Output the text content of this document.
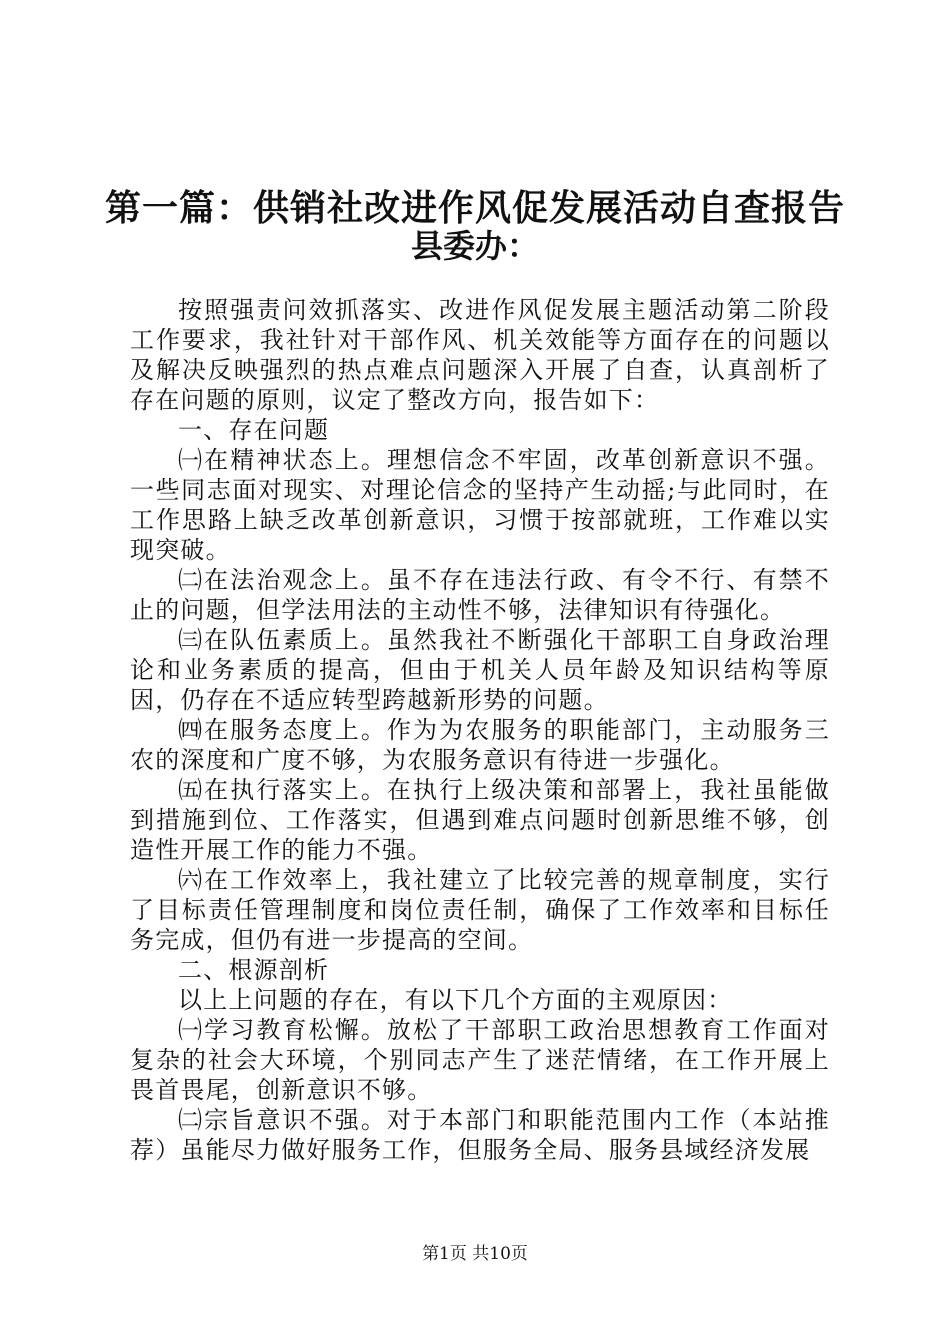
第一篇：供销社改进作风促发展活动自查报告
县委办：

按照强责问效抓落实、改进作风促发展主题活动第二阶段工作要求，我社针对干部作风、机关效能等方面存在的问题以及解决反映强烈的热点难点问题深入开展了自查，认真剖析了存在问题的原则，议定了整改方向，报告如下：

一、存在问题

㈠在精神状态上。理想信念不牢固，改革创新意识不强。一些同志面对现实、对理论信念的坚持产生动摇;与此同时，在工作思路上缺乏改革创新意识，习惯于按部就班，工作难以实现突破。

㈡在法治观念上。虽不存在违法行政、有令不行、有禁不止的问题，但学法用法的主动性不够，法律知识有待强化。

㈢在队伍素质上。虽然我社不断强化干部职工自身政治理论和业务素质的提高，但由于机关人员年龄及知识结构等原因，仍存在不适应转型跨越新形势的问题。

㈣在服务态度上。作为为农服务的职能部门，主动服务三农的深度和广度不够，为农服务意识有待进一步强化。

㈤在执行落实上。在执行上级决策和部署上，我社虽能做到措施到位、工作落实，但遇到难点问题时创新思维不够，创造性开展工作的能力不强。

㈥在工作效率上，我社建立了比较完善的规章制度，实行了目标责任管理制度和岗位责任制，确保了工作效率和目标任务完成，但仍有进一步提高的空间。

二、根源剖析

以上上问题的存在，有以下几个方面的主观原因：

㈠学习教育松懈。放松了干部职工政治思想教育工作面对复杂的社会大环境，个别同志产生了迷茫情绪，在工作开展上畏首畏尾，创新意识不够。

㈡宗旨意识不强。对于本部门和职能范围内工作（本站推荐）虽能尽力做好服务工作，但服务全局、服务县域经济发展

第1页 共10页
